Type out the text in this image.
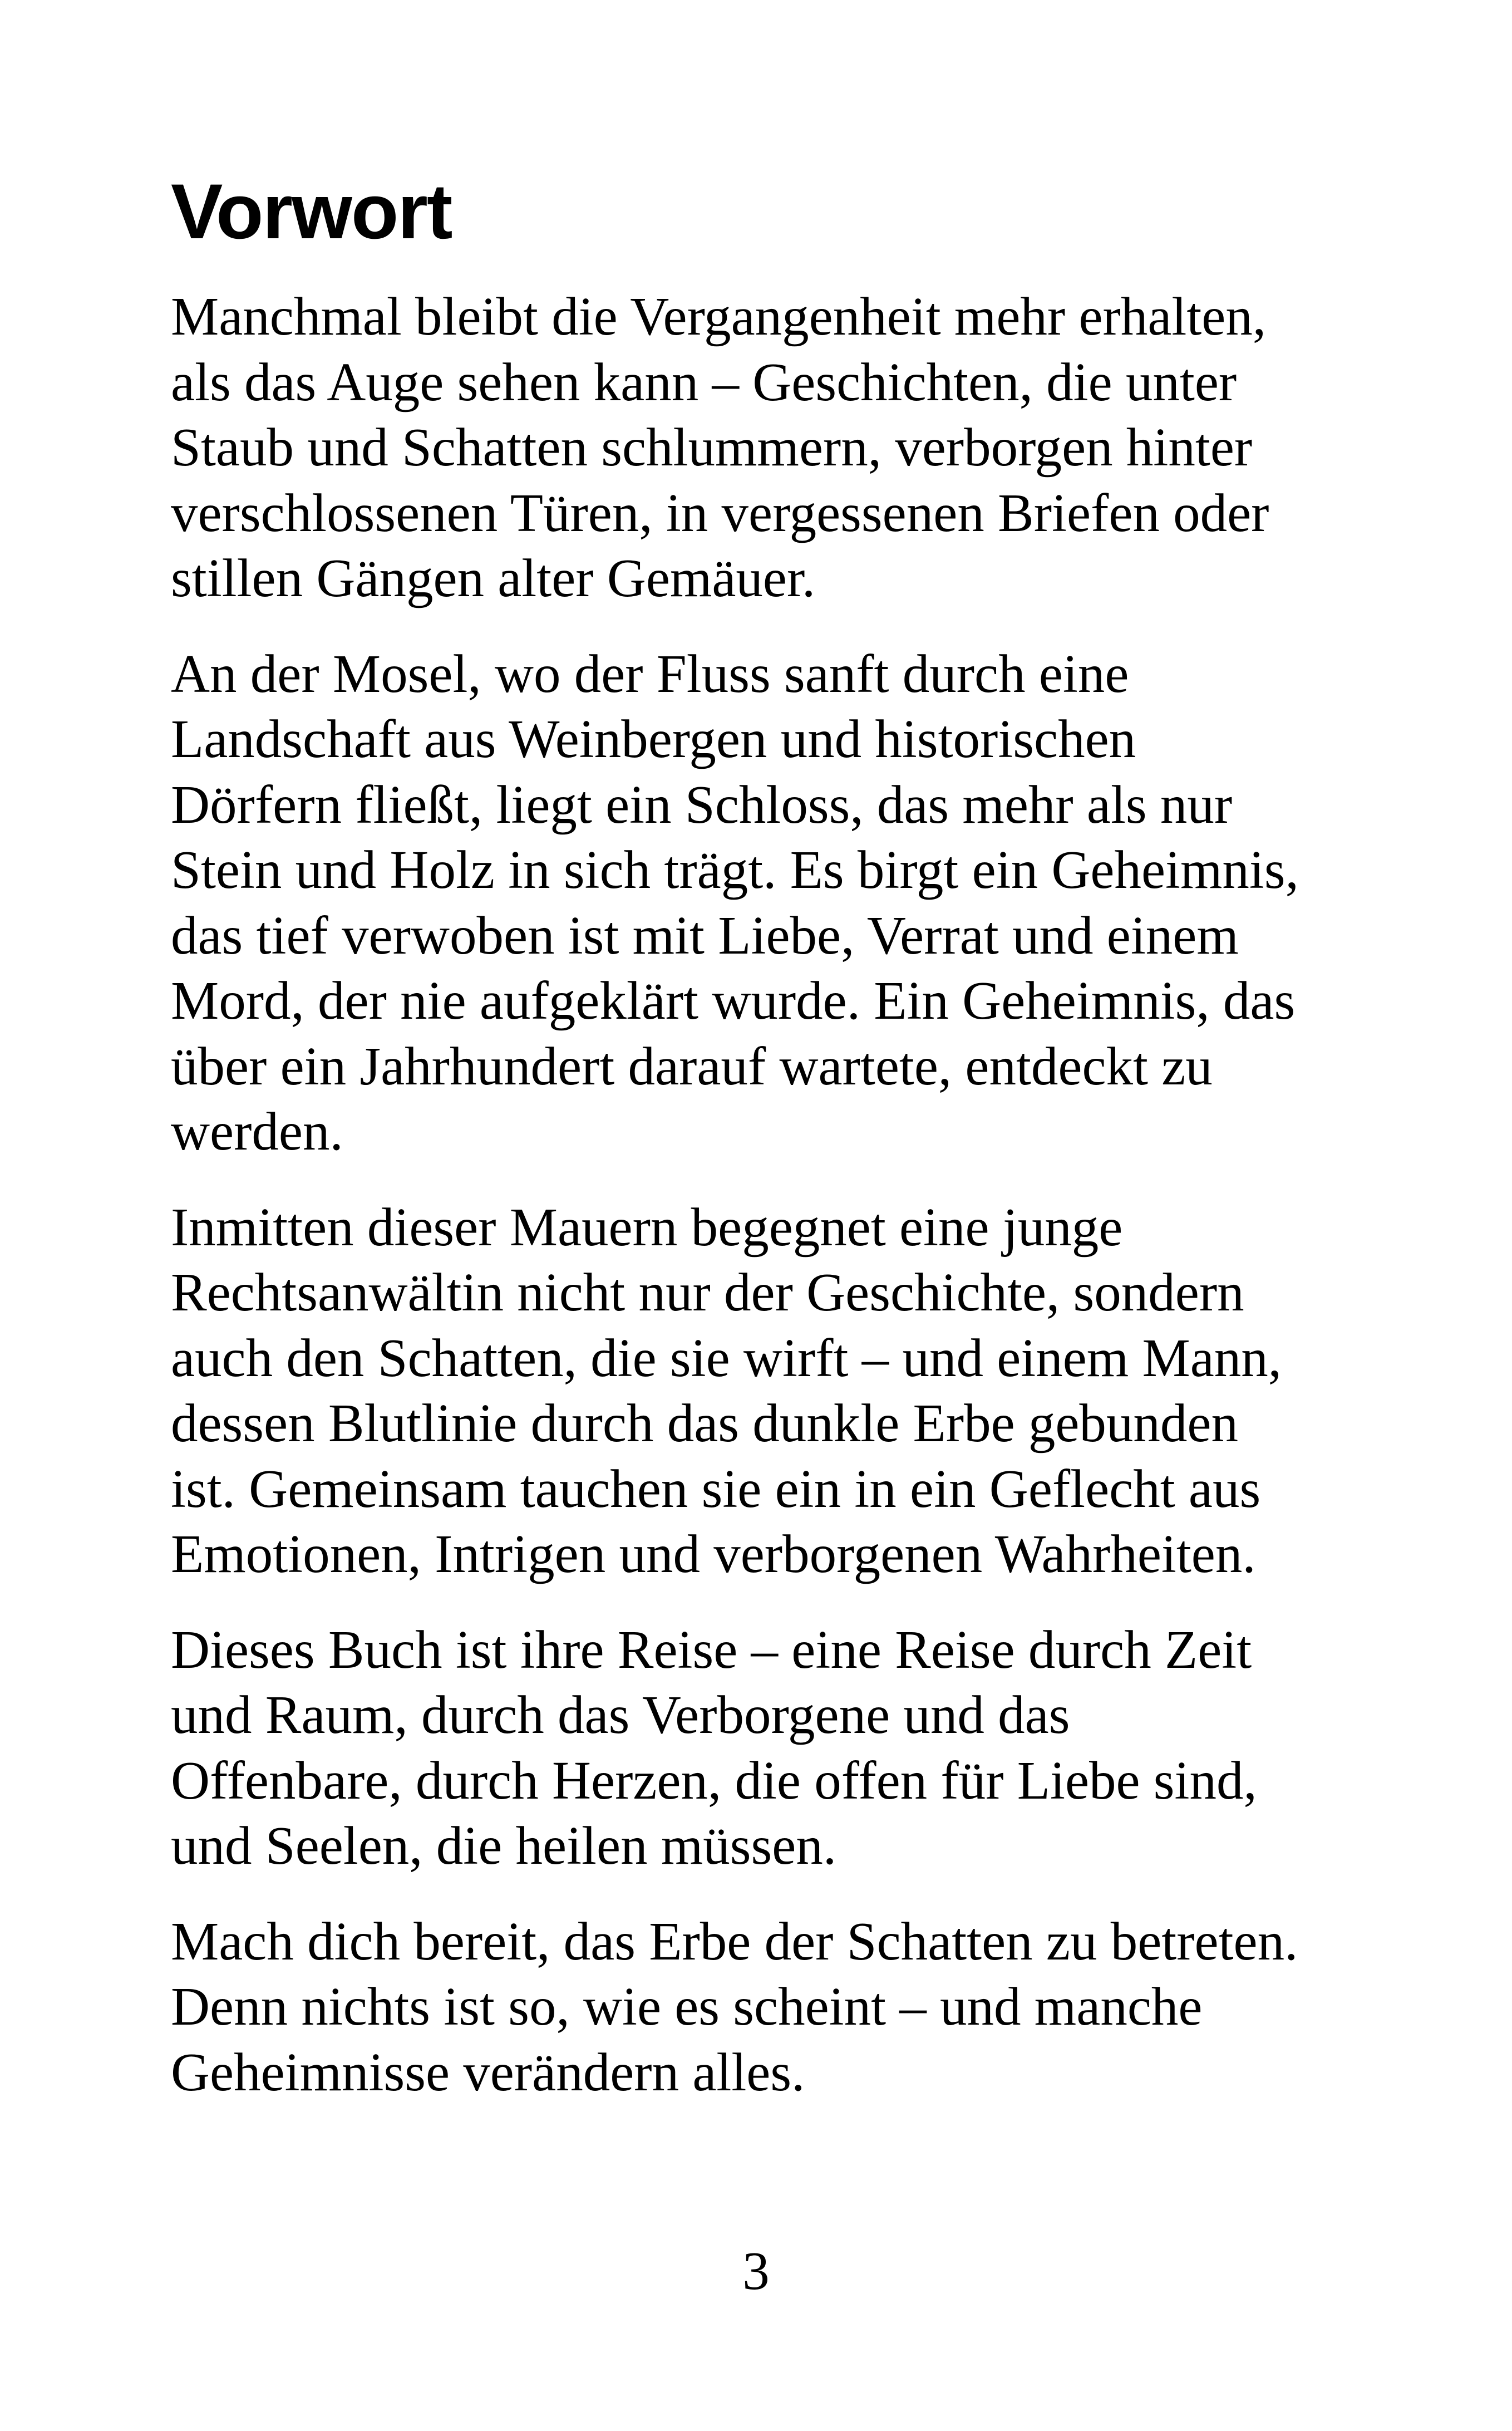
Vorwort

Manchmal bleibt die Vergangenheit mehr erhalten,
als das Auge sehen kann – Geschichten, die unter
Staub und Schatten schlummern, verborgen hinter
verschlossenen Türen, in vergessenen Briefen oder
stillen Gängen alter Gemäuer.

An der Mosel, wo der Fluss sanft durch eine
Landschaft aus Weinbergen und historischen
Dörfern fließt, liegt ein Schloss, das mehr als nur
Stein und Holz in sich trägt. Es birgt ein Geheimnis,
das tief verwoben ist mit Liebe, Verrat und einem
Mord, der nie aufgeklärt wurde. Ein Geheimnis, das
über ein Jahrhundert darauf wartete, entdeckt zu
werden.

Inmitten dieser Mauern begegnet eine junge
Rechtsanwältin nicht nur der Geschichte, sondern
auch den Schatten, die sie wirft – und einem Mann,
dessen Blutlinie durch das dunkle Erbe gebunden
ist. Gemeinsam tauchen sie ein in ein Geflecht aus
Emotionen, Intrigen und verborgenen Wahrheiten.

Dieses Buch ist ihre Reise – eine Reise durch Zeit
und Raum, durch das Verborgene und das
Offenbare, durch Herzen, die offen für Liebe sind,
und Seelen, die heilen müssen.

Mach dich bereit, das Erbe der Schatten zu betreten.
Denn nichts ist so, wie es scheint – und manche
Geheimnisse verändern alles.

3
